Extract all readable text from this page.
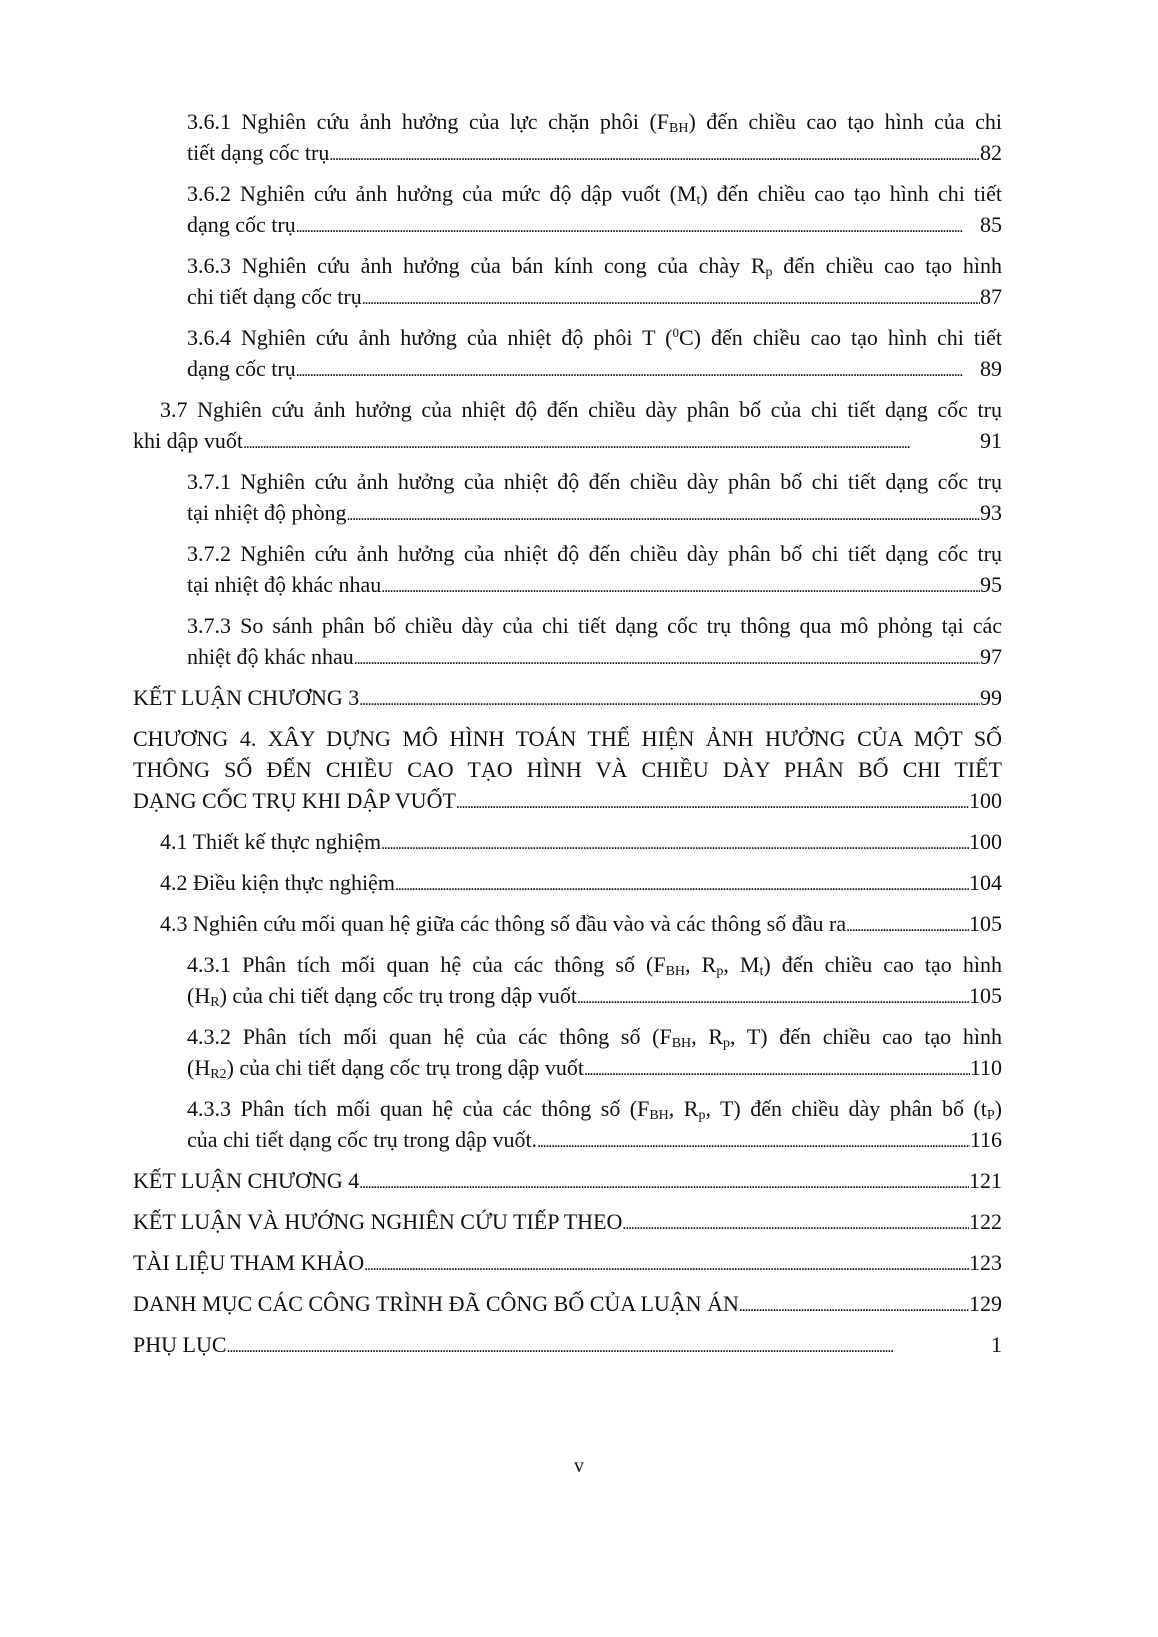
3.6.1 Nghiên cứu ảnh hưởng của lực chặn phôi $(F_{BH})$ đến chiều cao tạo hình của chi
tiết dạng cốc trụ . . .	82
3.6.2 Nghiên cứu ảnh hưởng của mức độ dập vuốt $(M_t)$ đến chiều cao tạo hình chi tiết
dạng cốc trụ . . .	85
3.6.3 Nghiên cứu ảnh hưởng của bán kính cong của chày $R_p$ đến chiều cao tạo hình
chi tiết dạng cốc trụ . . .	87
3.6.4 Nghiên cứu ảnh hưởng của nhiệt độ phôi T ($^0$C) đến chiều cao tạo hình chi tiết
dạng cốc trụ . . .	89
3.7 Nghiên cứu ảnh hưởng của nhiệt độ đến chiều dày phân bố của chi tiết dạng cốc trụ
khi dập vuốt . . .	91
3.7.1 Nghiên cứu ảnh hưởng của nhiệt độ đến chiều dày phân bố chi tiết dạng cốc trụ
tại nhiệt độ phòng . . .	93
3.7.2 Nghiên cứu ảnh hưởng của nhiệt độ đến chiều dày phân bố chi tiết dạng cốc trụ
tại nhiệt độ khác nhau . . .	95
3.7.3 So sánh phân bố chiều dày của chi tiết dạng cốc trụ thông qua mô phỏng tại các
nhiệt độ khác nhau . . .	97
KẾT LUẬN CHƯƠNG 3 . . .	99
CHƯƠNG 4. XÂY DỰNG MÔ HÌNH TOÁN THỂ HIỆN ẢNH HƯỞNG CỦA MỘT SỐ
THÔNG SỐ ĐẾN CHIỀU CAO TẠO HÌNH VÀ CHIỀU DÀY PHÂN BỐ CHI TIẾT
DẠNG CỐC TRỤ KHI DẬP VUỐT . . .	100
4.1 Thiết kế thực nghiệm . . .	100
4.2 Điều kiện thực nghiệm . . .	104
4.3 Nghiên cứu mối quan hệ giữa các thông số đầu vào và các thông số đầu ra . . .	105
4.3.1 Phân tích mối quan hệ của các thông số ($F_{BH}$, $R_p$, $M_t$) đến chiều cao tạo hình
$(H_R)$ của chi tiết dạng cốc trụ trong dập vuốt . . .	105
4.3.2 Phân tích mối quan hệ của các thông số ($F_{BH}$, $R_p$, T) đến chiều cao tạo hình
$(H_{R2})$ của chi tiết dạng cốc trụ trong dập vuốt . . .	110
4.3.3 Phân tích mối quan hệ của các thông số ($F_{BH}$, $R_p$, T) đến chiều dày phân bố $(t_P)$
của chi tiết dạng cốc trụ trong dập vuốt. . . .	116
KẾT LUẬN CHƯƠNG 4 . . .	121
KẾT LUẬN VÀ HƯỚNG NGHIÊN CỨU TIẾP THEO . . .	122
TÀI LIỆU THAM KHẢO . . .	123
DANH MỤC CÁC CÔNG TRÌNH ĐÃ CÔNG BỐ CỦA LUẬN ÁN . . .	129
PHỤ LỤC . . .	1
v
